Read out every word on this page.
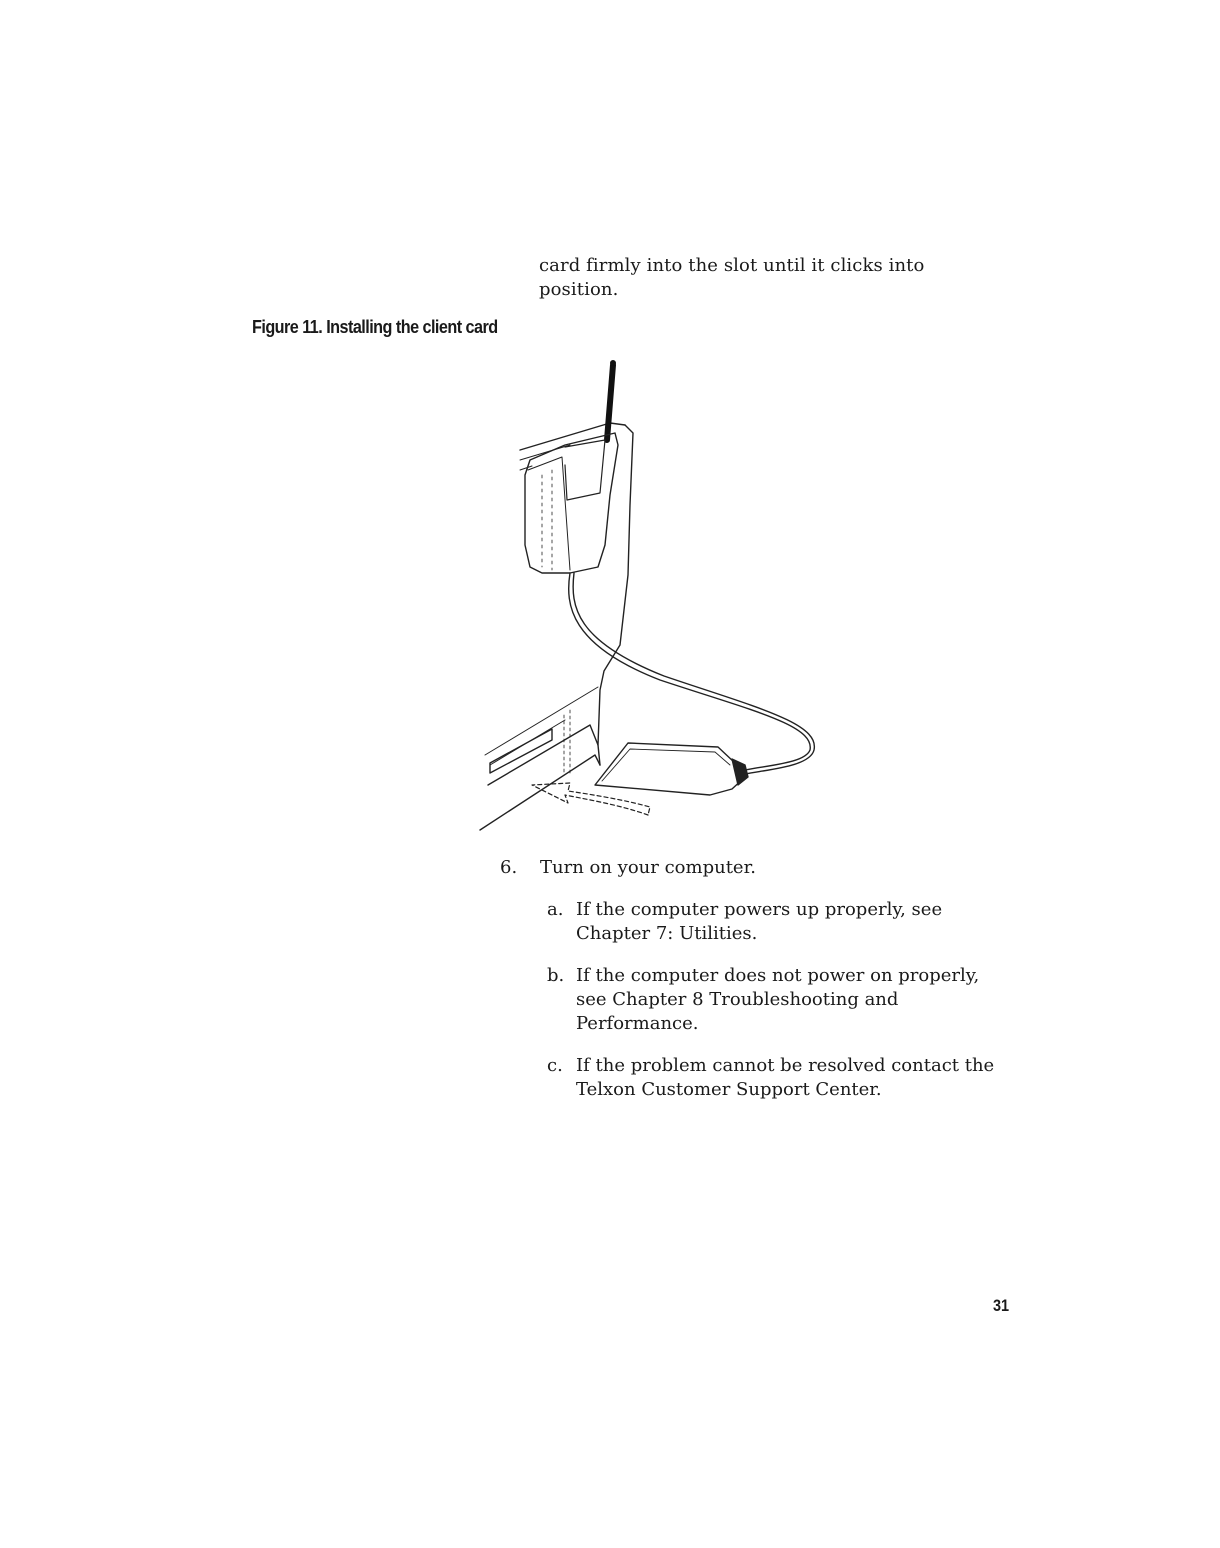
card firmly into the slot until it clicks into
position.
Figure 11. Installing the client card
6. Turn on your computer.
a. If the computer powers up properly, see
Chapter 7: Utilities.
b. If the computer does not power on properly,
see Chapter 8 Troubleshooting and
Performance.
c. If the problem cannot be resolved contact the
Telxon Customer Support Center.
31
